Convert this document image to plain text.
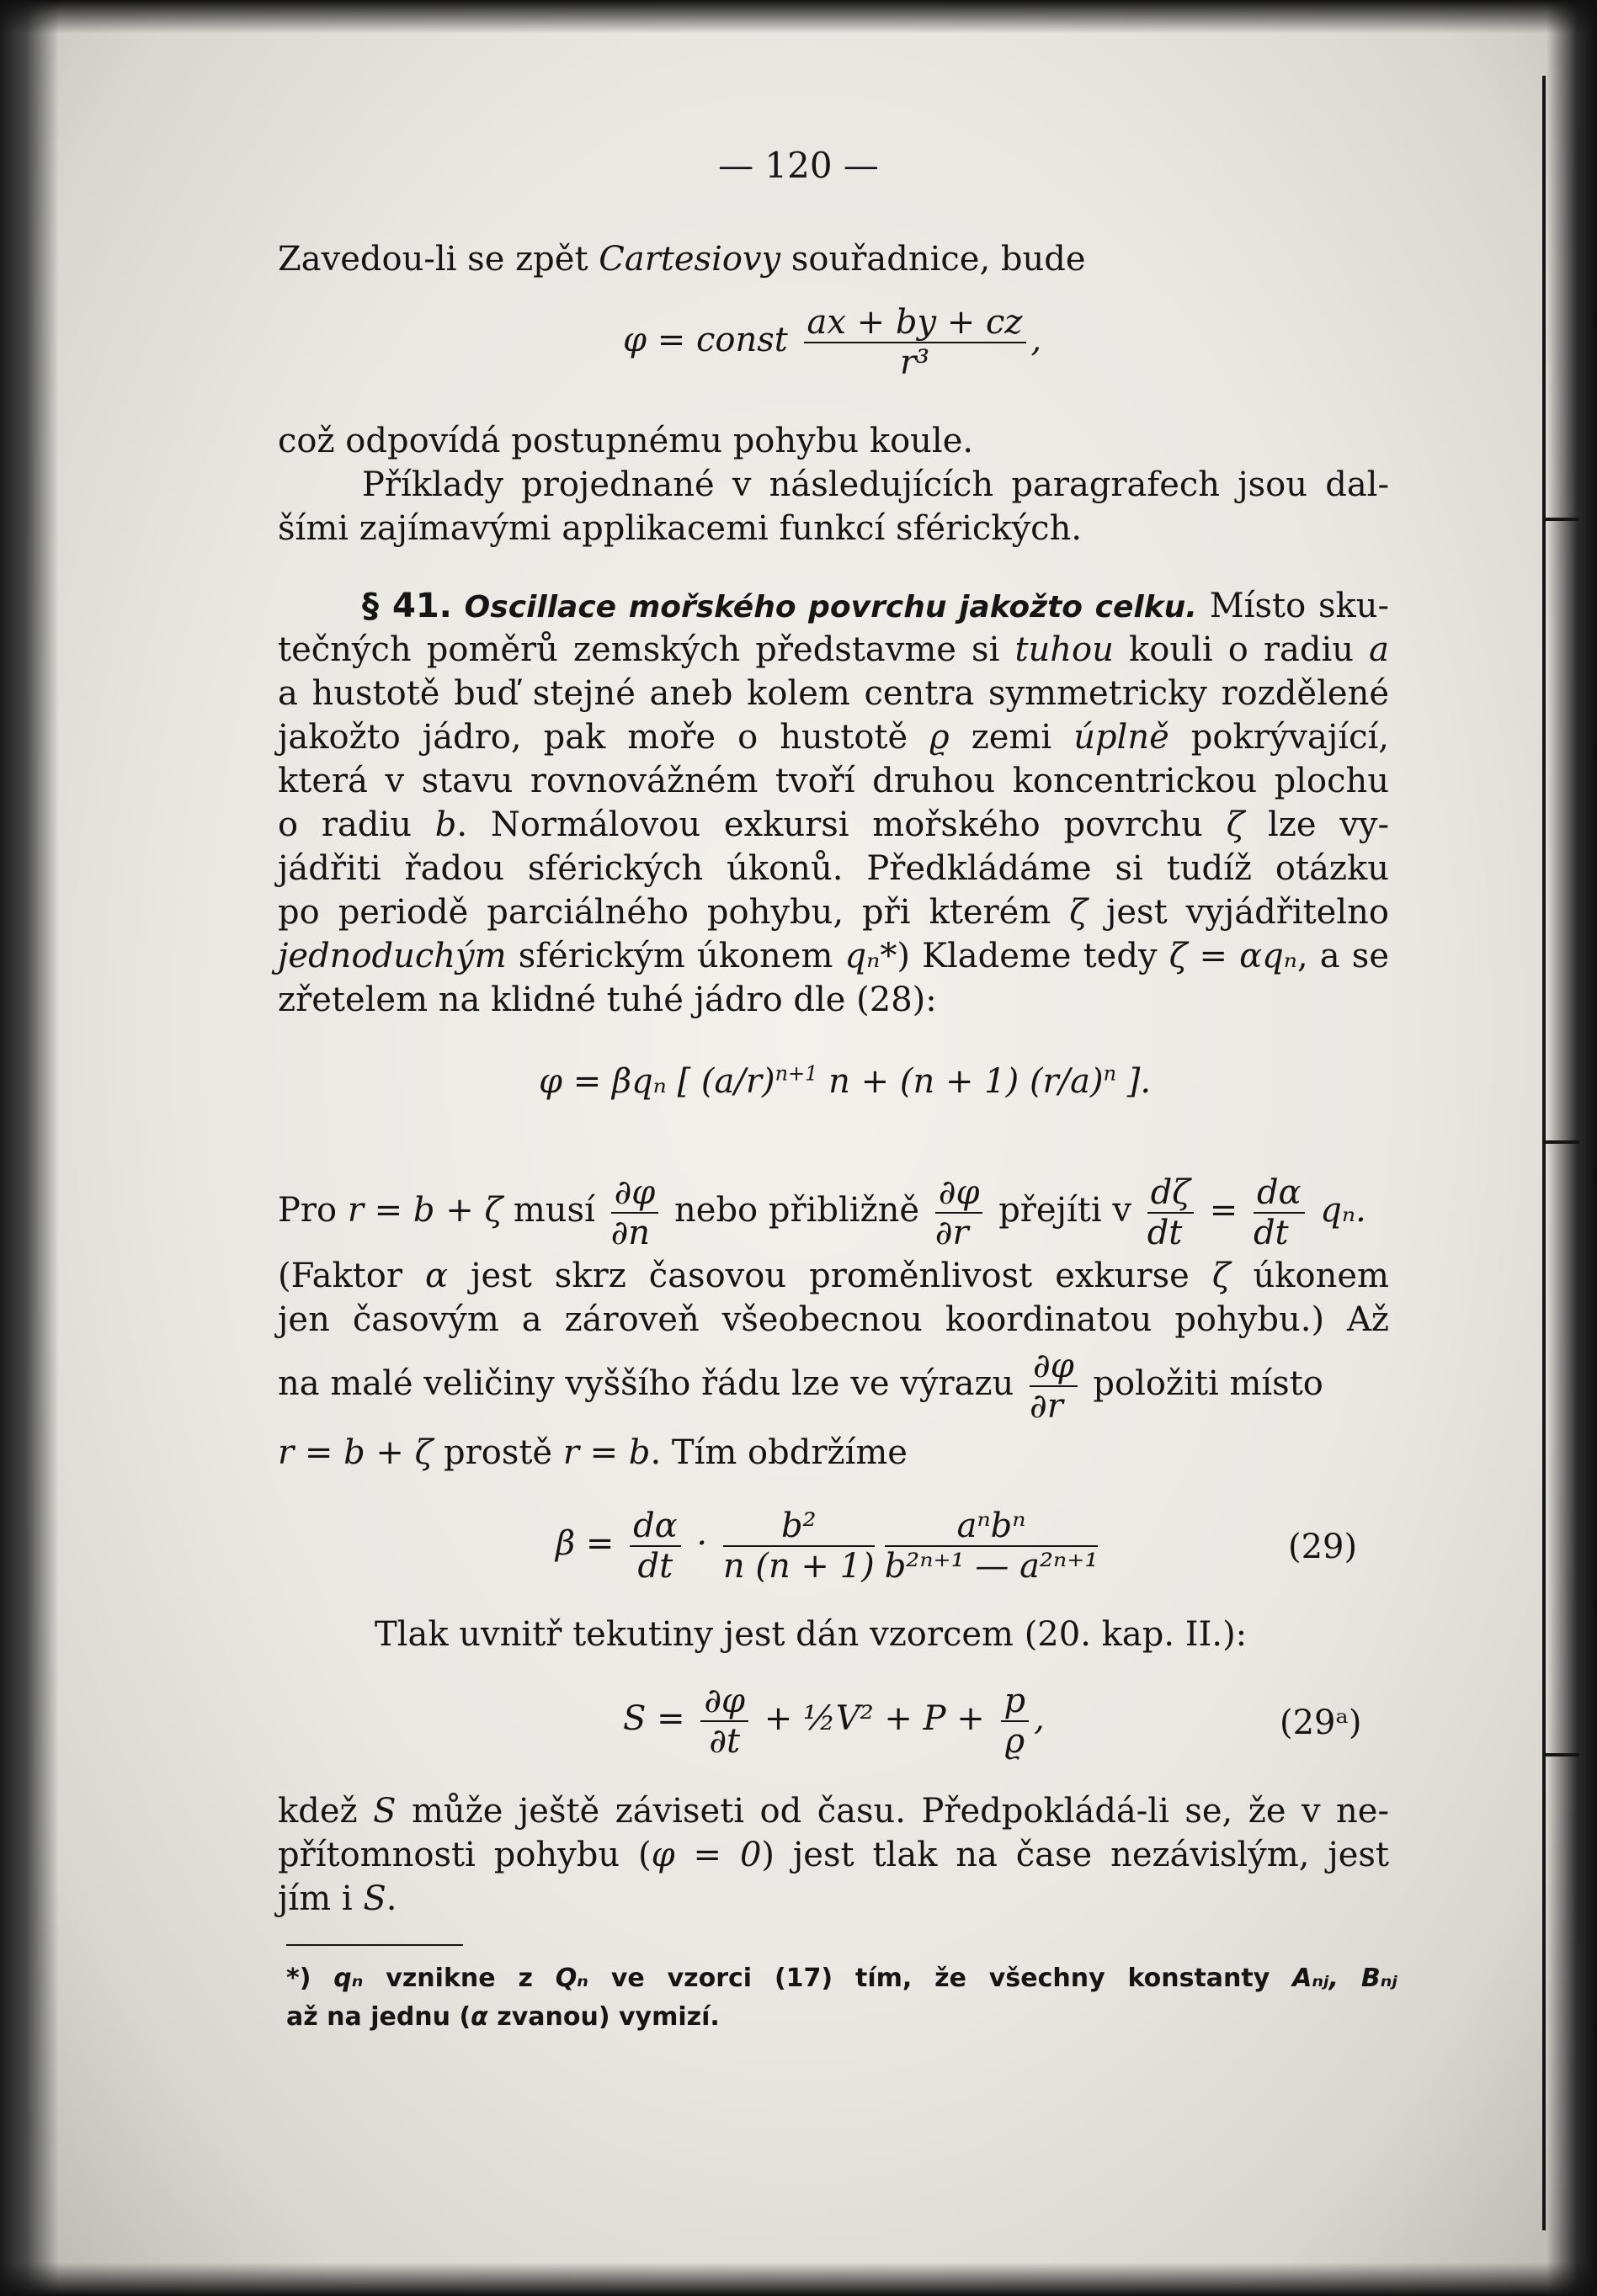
— 120 —

Zavedou-li se zpět Cartesiovy souřadnice, bude

φ = const $\frac{ax + by + cz}{\text{r³}}$ ,

což odpovídá postupnému pohybu koule.

Příklady projednané v následujících paragrafech jsou dal-

šími zajímavými applikacemi funkcí sférických.

§ 41. Oscillace mořského povrchu jakožto celku. Místo sku-

tečných poměrů zemských představme si tuhou kouli o radiu a

a hustotě buď stejné aneb kolem centra symmetricky rozdělené

jakožto jádro, pak moře o hustotě ϱ zemi úplně pokrývající,

která v stavu rovnovážném tvoří druhou koncentrickou plochu

o radiu b. Normálovou exkursi mořského povrchu ζ lze vy-

jádřiti řadou sférických úkonů. Předkládáme si tudíž otázku

po periodě parciálného pohybu, při kterém ζ jest vyjádřitelno

jednoduchým sférickým úkonem qₙ*) Klademe tedy ζ = αqₙ, a se

zřetelem na klidné tuhé jádro dle (28):

φ = βqₙ [ $(a/r)^{n+1}$ n + (n + 1) $(r/a)^n$ ].
Pro r = b + ζ musí $\frac{\partial\varphi}{\partial n}$ nebo přibližně $\frac{\partial\varphi}{\partial r}$ přejíti v $\frac{d\zeta}{dt} = \frac{d\alpha}{dt} q_n$.

(Faktor α jest skrz časovou proměnlivost exkurse ζ úkonem

jen časovým a zároveň všeobecnou koordinatou pohybu.) Až

na malé veličiny vyššího řádu lze ve výrazu $\frac{\partial\varphi}{\partial r}$ položiti místo

r = b + ζ prostě r = b. Tím obdržíme

$\beta = \frac{d\alpha}{dt} \cdot \frac{\text{b²}}{n (n + 1)} \frac{\text{aⁿbⁿ}}{\text{b²ⁿ⁺¹ — a²ⁿ⁺¹}}$	(29)

Tlak uvnitř tekutiny jest dán vzorcem (20. kap. II.):

$S = \frac{\partial\varphi}{\partial t}$ + ½V² + $P + \frac{p}{ϱ}$ ,	(29ᵃ)

kdež S může ještě záviseti od času. Předpokládá-li se, že v ne-

přítomnosti pohybu (φ = 0) jest tlak na čase nezávislým, jest

jím i S.

*) qₙ vznikne z Qₙ ve vzorci (17) tím, že všechny konstanty Aₙⱼ, Bₙⱼ
až na jednu (α zvanou) vymizí.
